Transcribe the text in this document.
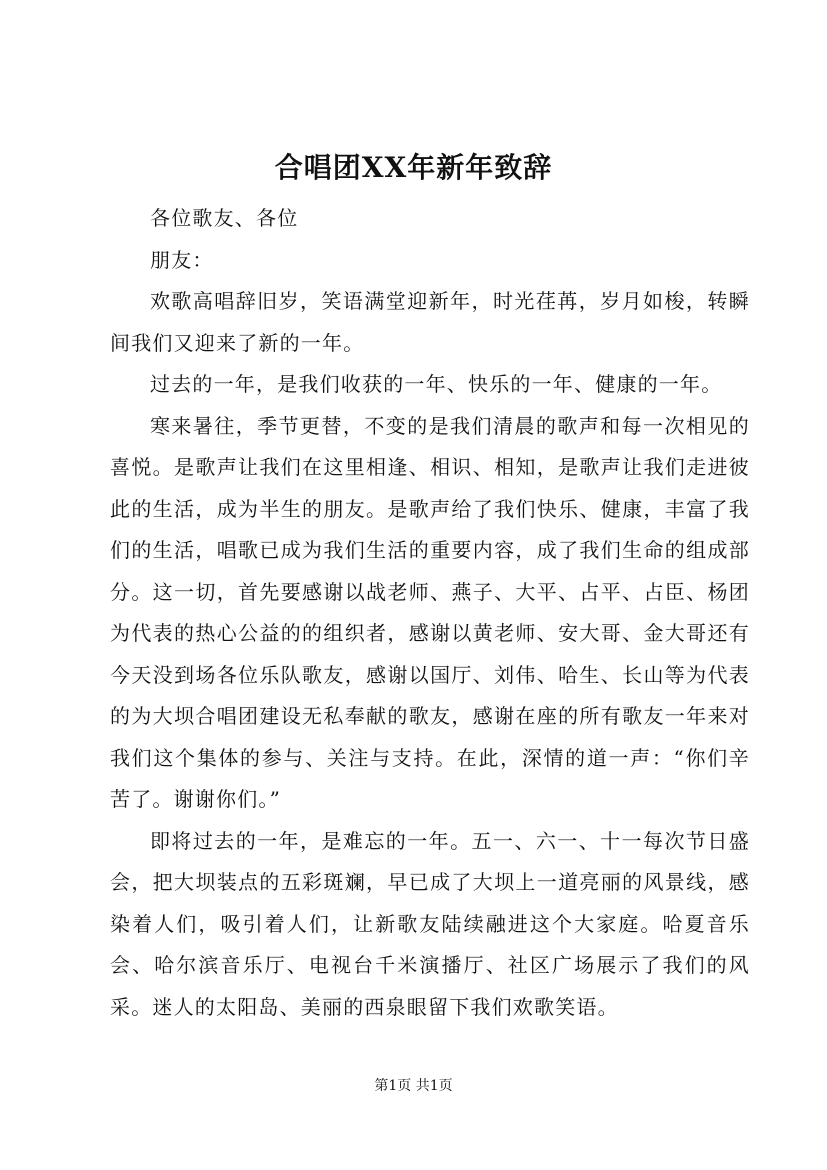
合唱团XX年新年致辞

各位歌友、各位

朋友：

欢歌高唱辞旧岁，笑语满堂迎新年，时光荏苒，岁月如梭，转瞬间我们又迎来了新的一年。

过去的一年，是我们收获的一年、快乐的一年、健康的一年。

寒来暑往，季节更替，不变的是我们清晨的歌声和每一次相见的喜悦。是歌声让我们在这里相逢、相识、相知，是歌声让我们走进彼此的生活，成为半生的朋友。是歌声给了我们快乐、健康，丰富了我们的生活，唱歌已成为我们生活的重要内容，成了我们生命的组成部分。这一切，首先要感谢以战老师、燕子、大平、占平、占臣、杨团为代表的热心公益的的组织者，感谢以黄老师、安大哥、金大哥还有今天没到场各位乐队歌友，感谢以国厅、刘伟、哈生、长山等为代表的为大坝合唱团建设无私奉献的歌友，感谢在座的所有歌友一年来对我们这个集体的参与、关注与支持。在此，深情的道一声：“你们辛苦了。谢谢你们。”

即将过去的一年，是难忘的一年。五一、六一、十一每次节日盛会，把大坝装点的五彩斑斓，早已成了大坝上一道亮丽的风景线，感染着人们，吸引着人们，让新歌友陆续融进这个大家庭。哈夏音乐会、哈尔滨音乐厅、电视台千米演播厅、社区广场展示了我们的风采。迷人的太阳岛、美丽的西泉眼留下我们欢歌笑语。

第1页 共1页
